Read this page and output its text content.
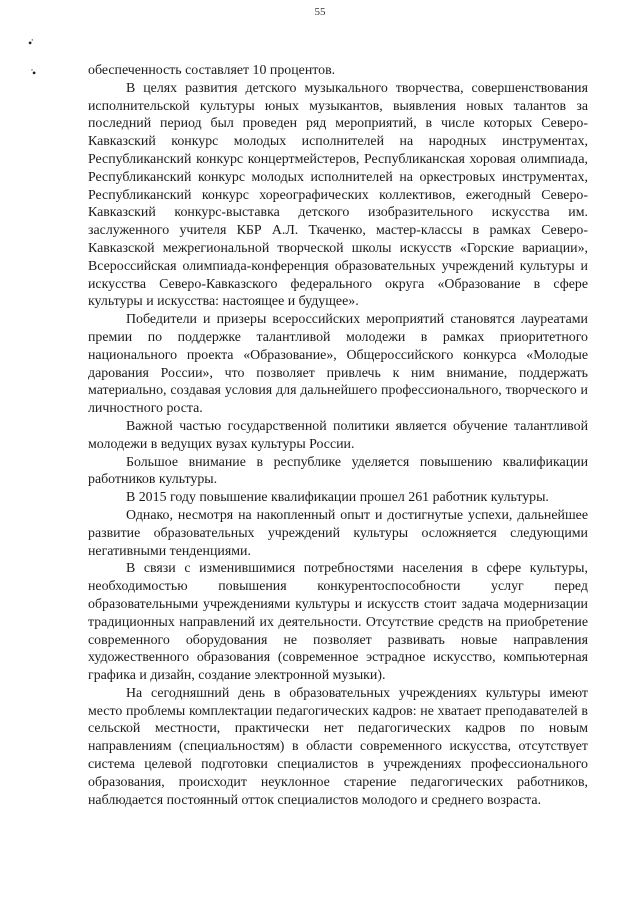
55
•̇
̇•	обеспеченность составляет 10 процентов.

В целях развития детского музыкального творчества, совершенствования исполнительской культуры юных музыкантов, выявления новых талантов за последний период был проведен ряд мероприятий, в числе которых Северо-Кавказский конкурс молодых исполнителей на народных инструментах, Республиканский конкурс концертмейстеров, Республиканская хоровая олимпиада, Республиканский конкурс молодых исполнителей на оркестровых инструментах, Республиканский конкурс хореографических коллективов, ежегодный Северо-Кавказский конкурс-выставка детского изобразительного искусства им. заслуженного учителя КБР А.Л. Ткаченко, мастер-классы в рамках Северо-Кавказской межрегиональной творческой школы искусств «Горские вариации», Всероссийская олимпиада-конференция образовательных учреждений культуры и искусства Северо-Кавказского федерального округа «Образование в сфере культуры и искусства: настоящее и будущее».

Победители и призеры всероссийских мероприятий становятся лауреатами премии по поддержке талантливой молодежи в рамках приоритетного национального проекта «Образование», Общероссийского конкурса «Молодые дарования России», что позволяет привлечь к ним внимание, поддержать материально, создавая условия для дальнейшего профессионального, творческого и личностного роста.

Важной частью государственной политики является обучение талантливой молодежи в ведущих вузах культуры России.

Большое внимание в республике уделяется повышению квалификации работников культуры.

В 2015 году повышение квалификации прошел 261 работник культуры.

Однако, несмотря на накопленный опыт и достигнутые успехи, дальнейшее развитие образовательных учреждений культуры осложняется следующими негативными тенденциями.

В связи с изменившимися потребностями населения в сфере культуры, необходимостью повышения конкурентоспособности услуг перед образовательными учреждениями культуры и искусств стоит задача модернизации традиционных направлений их деятельности. Отсутствие средств на приобретение современного оборудования не позволяет развивать новые направления художественного образования (современное эстрадное искусство, компьютерная графика и дизайн, создание электронной музыки).

На сегодняшний день в образовательных учреждениях культуры имеют место проблемы комплектации педагогических кадров: не хватает преподавателей в сельской местности, практически нет педагогических кадров по новым направлениям (специальностям) в области современного искусства, отсутствует система целевой подготовки специалистов в учреждениях профессионального образования, происходит неуклонное старение педагогических работников, наблюдается постоянный отток специалистов молодого и среднего возраста.
